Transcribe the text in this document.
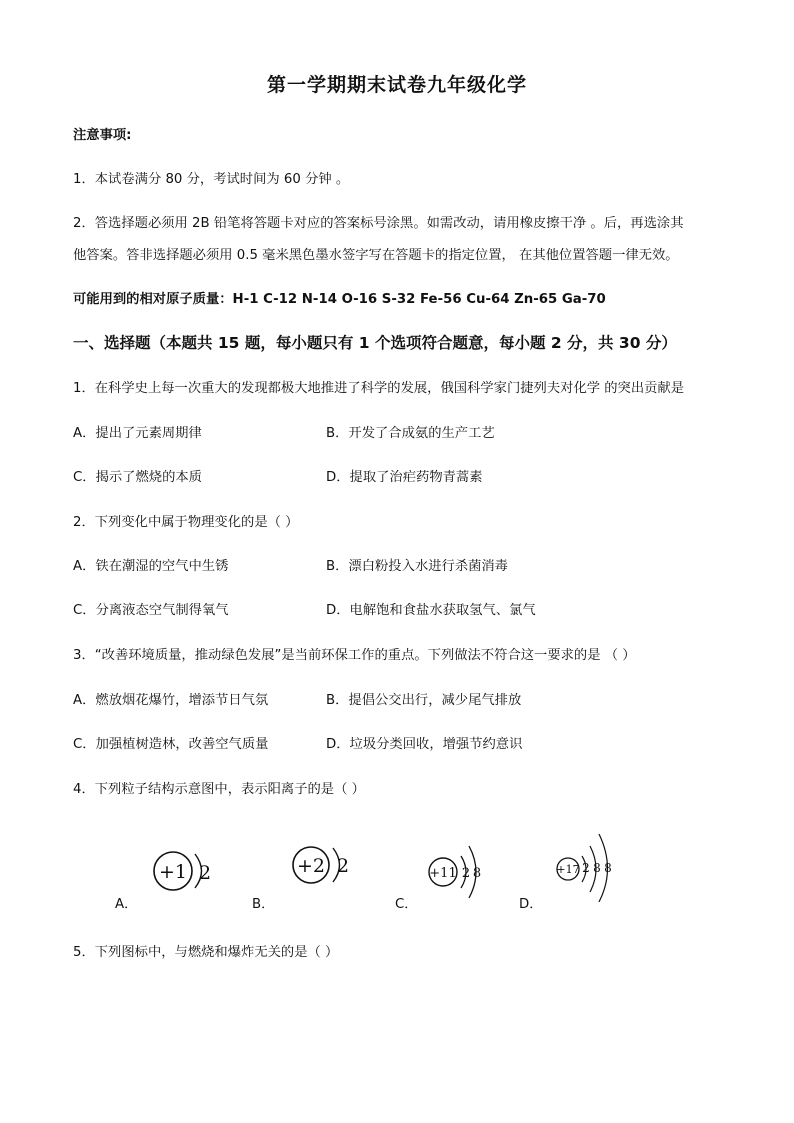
第一学期期末试卷九年级化学
注意事项:
1．本试卷满分 80 分，考试时间为 60 分钟 。
2．答选择题必须用 2B 铅笔将答题卡对应的答案标号涂黑。如需改动，请用橡皮擦干净 。后，再选涂其
他答案。答非选择题必须用 0.5 毫米黑色墨水签字写在答题卡的指定位置， 在其他位置答题一律无效。
可能用到的相对原子质量：H-1 C-12 N-14 O-16 S-32 Fe-56 Cu-64 Zn-65 Ga-70
一、选择题（本题共 15 题，每小题只有 1 个选项符合题意，每小题 2 分，共 30 分）
1．在科学史上每一次重大的发现都极大地推进了科学的发展，俄国科学家门捷列夫对化学 的突出贡献是
A．提出了元素周期律	B．开发了合成氨的生产工艺
C．揭示了燃烧的本质	D．提取了治疟药物青蒿素
2．下列变化中属于物理变化的是（ ）
A．铁在潮湿的空气中生锈	B．漂白粉投入水进行杀菌消毒
C．分离液态空气制得氧气	D．电解饱和食盐水获取氢气、氯气
3．“改善环境质量，推动绿色发展”是当前环保工作的重点。下列做法不符合这一要求的是 （ ）
A．燃放烟花爆竹，增添节日气氛	B．提倡公交出行，减少尾气排放
C．加强植树造林，改善空气质量	D．垃圾分类回收，增强节约意识
4．下列粒子结构示意图中，表示阳离子的是（ ）
+1 2
A．
+2 2
B．
+11 2 8
C．
+17 2 8 8
D．
5．下列图标中，与燃烧和爆炸无关的是（ ）
